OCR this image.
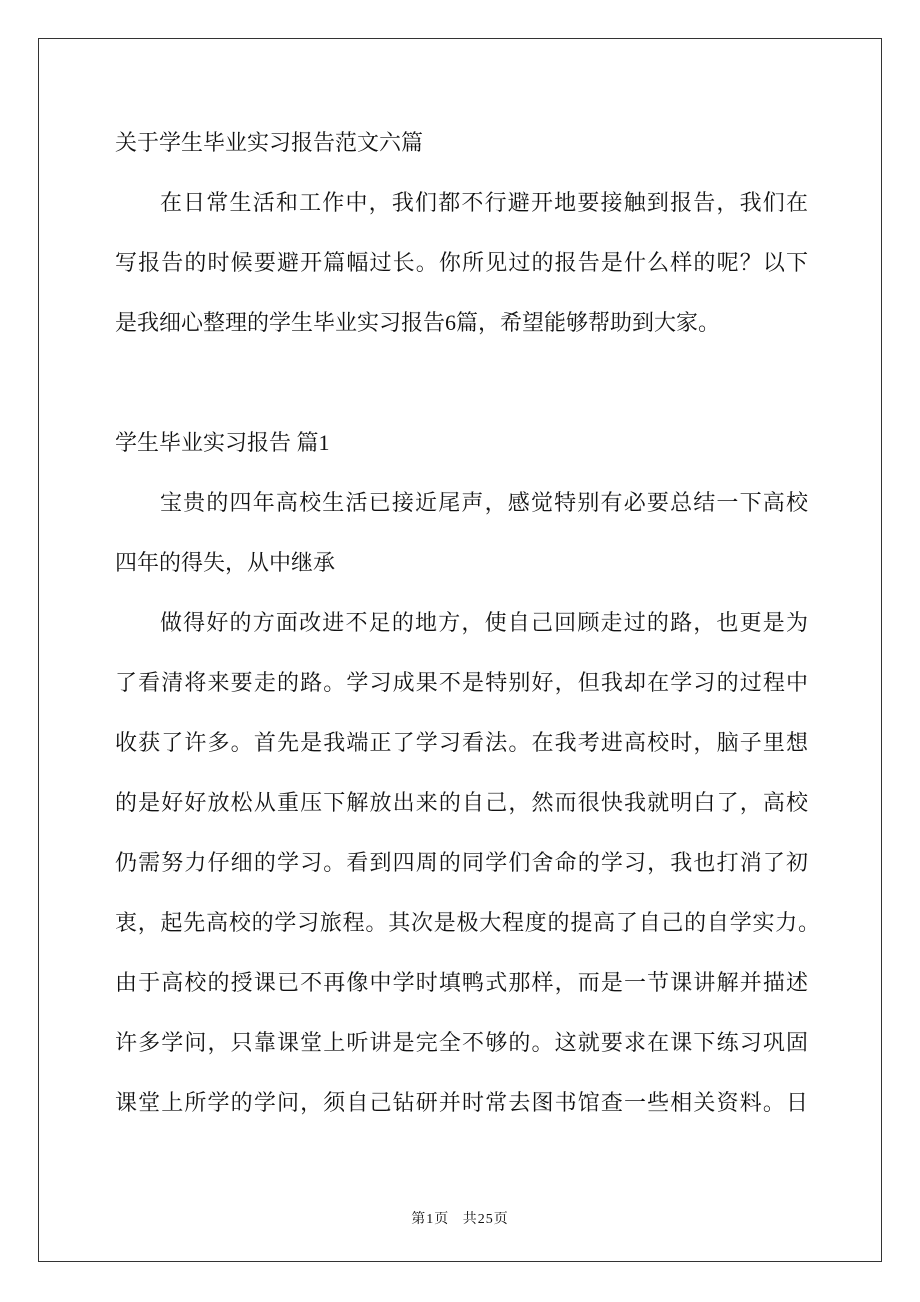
关于学生毕业实习报告范文六篇
在日常生活和工作中，我们都不行避开地要接触到报告，我们在
写报告的时候要避开篇幅过长。你所见过的报告是什么样的呢？以下
是我细心整理的学生毕业实习报告6篇，希望能够帮助到大家。
学生毕业实习报告 篇1
宝贵的四年高校生活已接近尾声，感觉特别有必要总结一下高校
四年的得失，从中继承
做得好的方面改进不足的地方，使自己回顾走过的路，也更是为
了看清将来要走的路。学习成果不是特别好，但我却在学习的过程中
收获了许多。首先是我端正了学习看法。在我考进高校时，脑子里想
的是好好放松从重压下解放出来的自己，然而很快我就明白了，高校
仍需努力仔细的学习。看到四周的同学们舍命的学习，我也打消了初
衷，起先高校的学习旅程。其次是极大程度的提高了自己的自学实力。
由于高校的授课已不再像中学时填鸭式那样，而是一节课讲解并描述
许多学问，只靠课堂上听讲是完全不够的。这就要求在课下练习巩固
课堂上所学的学问，须自己钻研并时常去图书馆查一些相关资料。日
第1页   共25页
